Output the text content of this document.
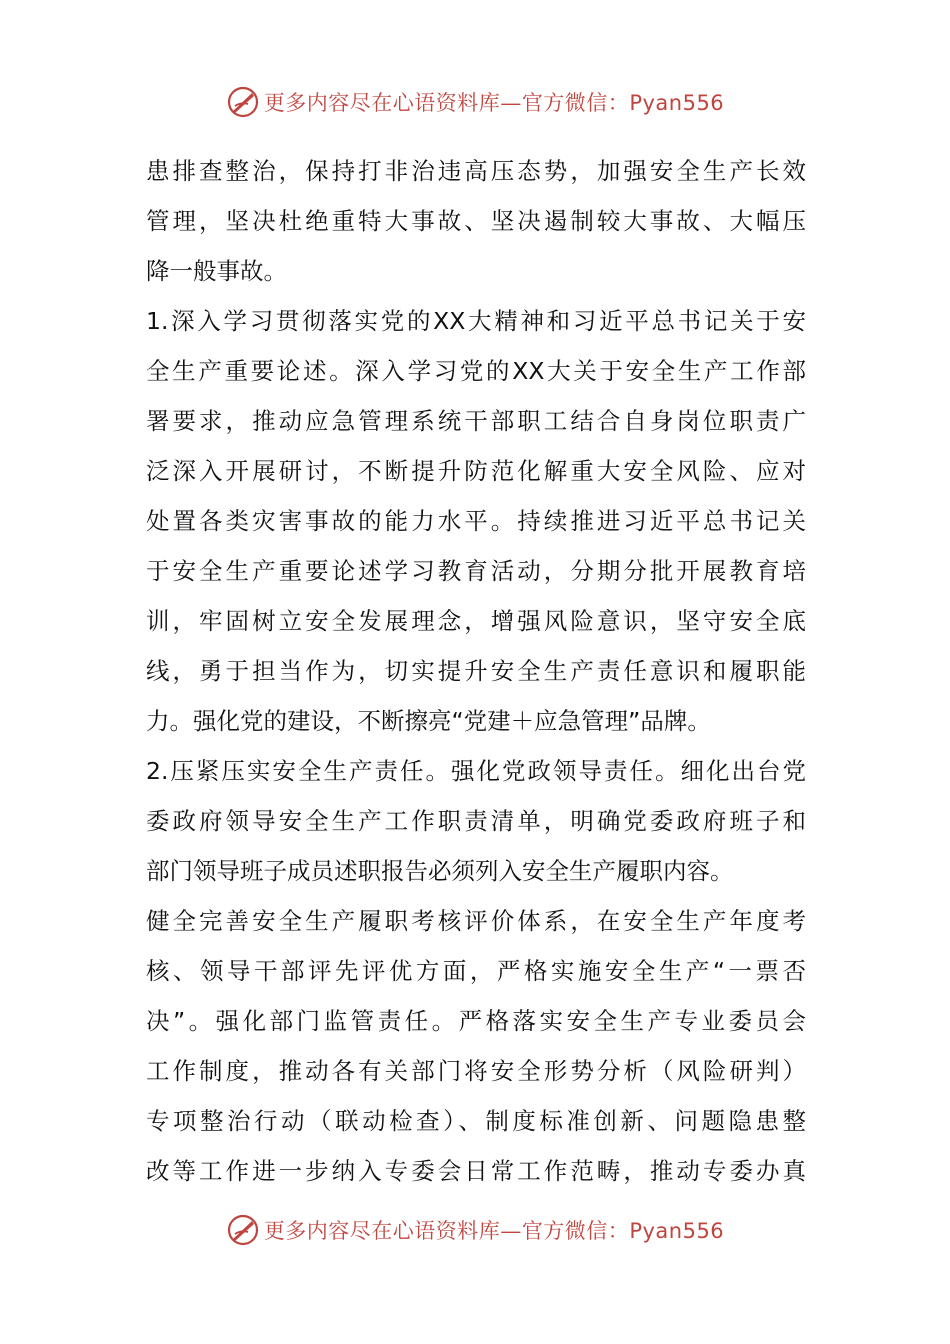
更多内容尽在心语资料库—官方微信：Pyan556
患排查整治，保持打非治违高压态势，加强安全生产长效
管理，坚决杜绝重特大事故、坚决遏制较大事故、大幅压
降一般事故。
1.深入学习贯彻落实党的XX大精神和习近平总书记关于安
全生产重要论述。深入学习党的XX大关于安全生产工作部
署要求，推动应急管理系统干部职工结合自身岗位职责广
泛深入开展研讨，不断提升防范化解重大安全风险、应对
处置各类灾害事故的能力水平。持续推进习近平总书记关
于安全生产重要论述学习教育活动，分期分批开展教育培
训，牢固树立安全发展理念，增强风险意识，坚守安全底
线，勇于担当作为，切实提升安全生产责任意识和履职能
力。强化党的建设，不断擦亮“党建＋应急管理”品牌。
2.压紧压实安全生产责任。强化党政领导责任。细化出台党
委政府领导安全生产工作职责清单，明确党委政府班子和
部门领导班子成员述职报告必须列入安全生产履职内容。
健全完善安全生产履职考核评价体系，在安全生产年度考
核、领导干部评先评优方面，严格实施安全生产“一票否
决”。强化部门监管责任。严格落实安全生产专业委员会
工作制度，推动各有关部门将安全形势分析（风险研判）
专项整治行动（联动检查）、制度标准创新、问题隐患整
改等工作进一步纳入专委会日常工作范畴，推动专委办真
更多内容尽在心语资料库—官方微信：Pyan556
